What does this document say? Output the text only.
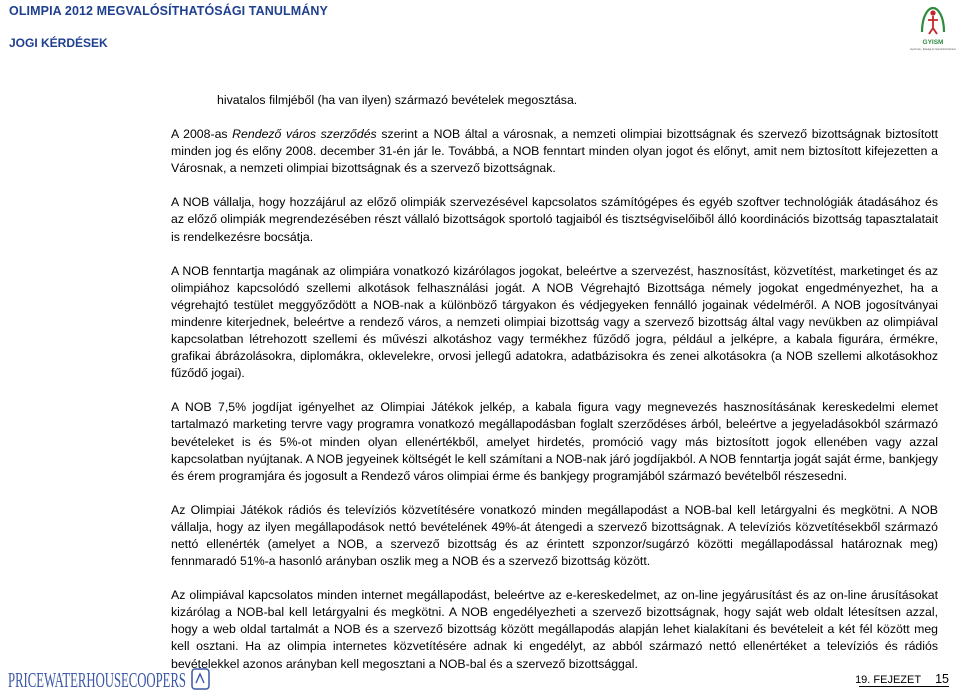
OLIMPIA 2012 MEGVALÓSÍTHATÓSÁGI TANULMÁNY
JOGI KÉRDÉSEK	GYISM
Gyermek-, Ifjúsági és Sportminisztérium

hivatalos filmjéből (ha van ilyen) származó bevételek megosztása.

A 2008-as Rendező város szerződés szerint a NOB által a városnak, a nemzeti olimpiai bizottságnak és szervező bizottságnak biztosított minden jog és előny 2008. december 31-én jár le. Továbbá, a NOB fenntart minden olyan jogot és előnyt, amit nem biztosított kifejezetten a Városnak, a nemzeti olimpiai bizottságnak és a szervező bizottságnak.

A NOB vállalja, hogy hozzájárul az előző olimpiák szervezésével kapcsolatos számítógépes és egyéb szoftver technológiák átadásához és az előző olimpiák megrendezésében részt vállaló bizottságok sportoló tagjaiból és tisztségviselőiből álló koordinációs bizottság tapasztalatait is rendelkezésre bocsátja.

A NOB fenntartja magának az olimpiára vonatkozó kizárólagos jogokat, beleértve a szervezést, hasznosítást, közvetítést, marketinget és az olimpiához kapcsolódó szellemi alkotások felhasználási jogát. A NOB Végrehajtó Bizottsága némely jogokat engedményezhet, ha a végrehajtó testület meggyőződött a NOB-nak a különböző tárgyakon és védjegyeken fennálló jogainak védelméről. A NOB jogosítványai mindenre kiterjednek, beleértve a rendező város, a nemzeti olimpiai bizottság vagy a szervező bizottság által vagy nevükben az olimpiával kapcsolatban létrehozott szellemi és művészi alkotáshoz vagy termékhez fűződő jogra, például a jelképre, a kabala figurára, érmékre, grafikai ábrázolásokra, diplomákra, oklevelekre, orvosi jellegű adatokra, adatbázisokra és zenei alkotásokra (a NOB szellemi alkotásokhoz fűződő jogai).

A NOB 7,5% jogdíjat igényelhet az Olimpiai Játékok jelkép, a kabala figura vagy megnevezés hasznosításának kereskedelmi elemet tartalmazó marketing tervre vagy programra vonatkozó megállapodásban foglalt szerződéses árból, beleértve a jegyeladásokból származó bevételeket is és 5%-ot minden olyan ellenértékből, amelyet hirdetés, promóció vagy más biztosított jogok ellenében vagy azzal kapcsolatban nyújtanak. A NOB jegyeinek költségét le kell számítani a NOB-nak járó jogdíjakból. A NOB fenntartja jogát saját érme, bankjegy és érem programjára és jogosult a Rendező város olimpiai érme és bankjegy programjából származó bevételből részesedni.

Az Olimpiai Játékok rádiós és televíziós közvetítésére vonatkozó minden megállapodást a NOB-bal kell letárgyalni és megkötni. A NOB vállalja, hogy az ilyen megállapodások nettó bevételének 49%-át átengedi a szervező bizottságnak. A televíziós közvetítésekből származó nettó ellenérték (amelyet a NOB, a szervező bizottság és az érintett szponzor/sugárzó közötti megállapodással határoznak meg) fennmaradó 51%-a hasonló arányban oszlik meg a NOB és a szervező bizottság között.

Az olimpiával kapcsolatos minden internet megállapodást, beleértve az e-kereskedelmet, az on-line jegyárusítást és az on-line árusításokat kizárólag a NOB-bal kell letárgyalni és megkötni. A NOB engedélyezheti a szervező bizottságnak, hogy saját web oldalt létesítsen azzal, hogy a web oldal tartalmát a NOB és a szervező bizottság között megállapodás alapján lehet kialakítani és bevételeit a két fél között meg kell osztani. Ha az olimpia internetes közvetítésére adnak ki engedélyt, az abból származó nettó ellenértéket a televíziós és rádiós bevételekkel azonos arányban kell megosztani a NOB-bal és a szervező bizottsággal.

PRICEWATERHOUSECOOPERS	19. FEJEZET 15
